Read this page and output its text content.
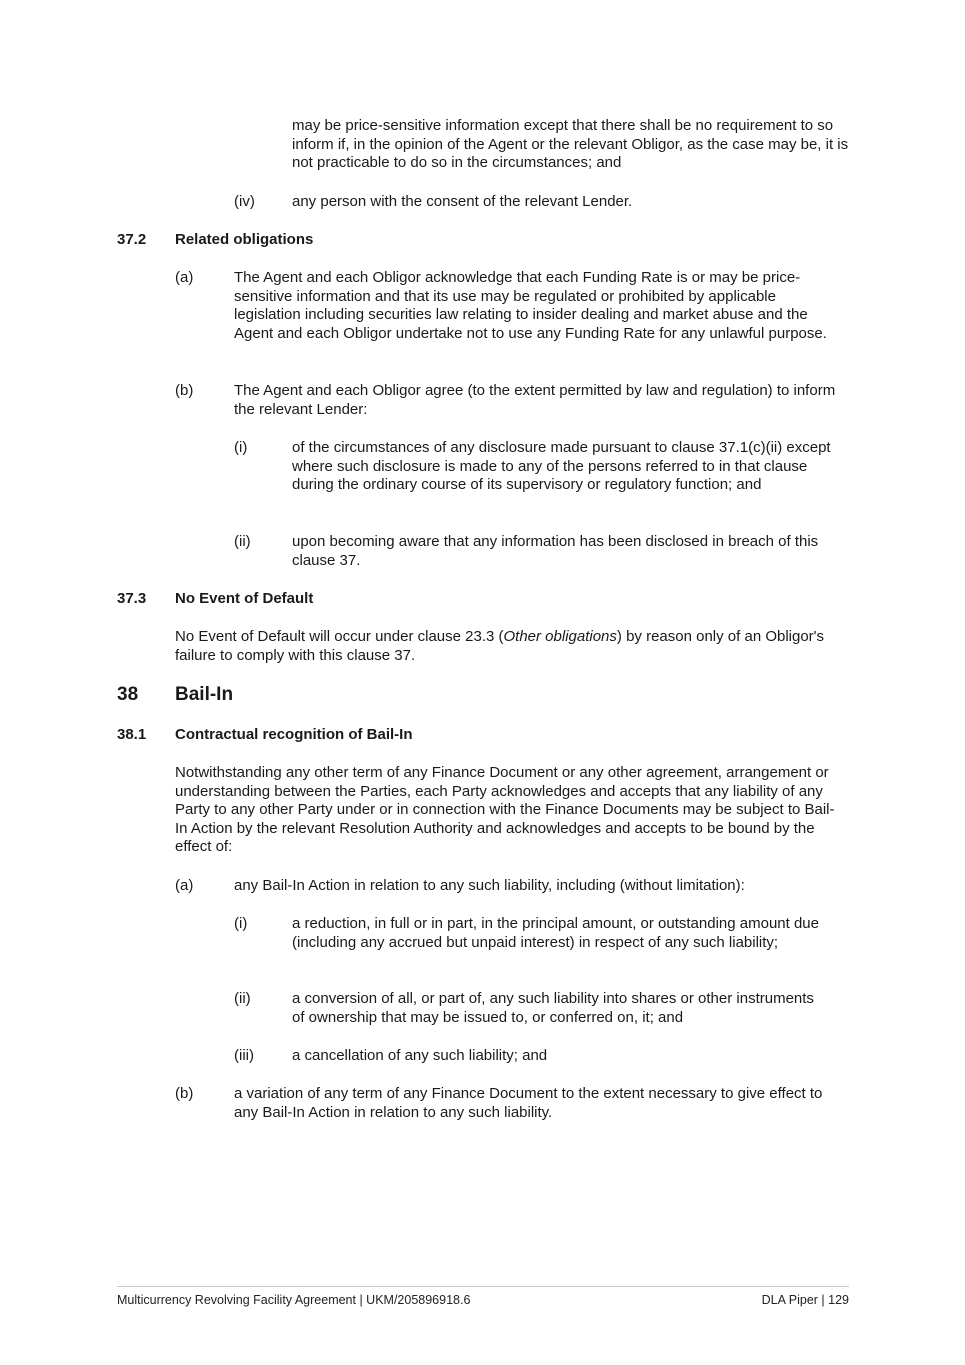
may be price-sensitive information except that there shall be no requirement to so inform if, in the opinion of the Agent or the relevant Obligor, as the case may be, it is not practicable to do so in the circumstances; and

(iv) any person with the consent of the relevant Lender.

37.2 Related obligations
(a)	The Agent and each Obligor acknowledge that each Funding Rate is or may be price-sensitive information and that its use may be regulated or prohibited by applicable legislation including securities law relating to insider dealing and market abuse and the Agent and each Obligor undertake not to use any Funding Rate for any unlawful purpose.

(b)	The Agent and each Obligor agree (to the extent permitted by law and regulation) to inform the relevant Lender:

(i)	of the circumstances of any disclosure made pursuant to clause 37.1(c)(ii) except where such disclosure is made to any of the persons referred to in that clause during the ordinary course of its supervisory or regulatory function; and

(ii)	upon becoming aware that any information has been disclosed in breach of this clause 37.

37.3 No Event of Default

No Event of Default will occur under clause 23.3 (Other obligations) by reason only of an Obligor's failure to comply with this clause 37.

38 Bail-In
38.1 Contractual recognition of Bail-In

Notwithstanding any other term of any Finance Document or any other agreement, arrangement or understanding between the Parties, each Party acknowledges and accepts that any liability of any Party to any other Party under or in connection with the Finance Documents may be subject to Bail-In Action by the relevant Resolution Authority and acknowledges and accepts to be bound by the effect of:

(a)	any Bail-In Action in relation to any such liability, including (without limitation):

(i)	a reduction, in full or in part, in the principal amount, or outstanding amount due (including any accrued but unpaid interest) in respect of any such liability;

(ii)	a conversion of all, or part of, any such liability into shares or other instruments of ownership that may be issued to, or conferred on, it; and

(iii)	a cancellation of any such liability; and

(b)	a variation of any term of any Finance Document to the extent necessary to give effect to any Bail-In Action in relation to any such liability.

Multicurrency Revolving Facility Agreement | UKM/205896918.6	DLA Piper | 129
